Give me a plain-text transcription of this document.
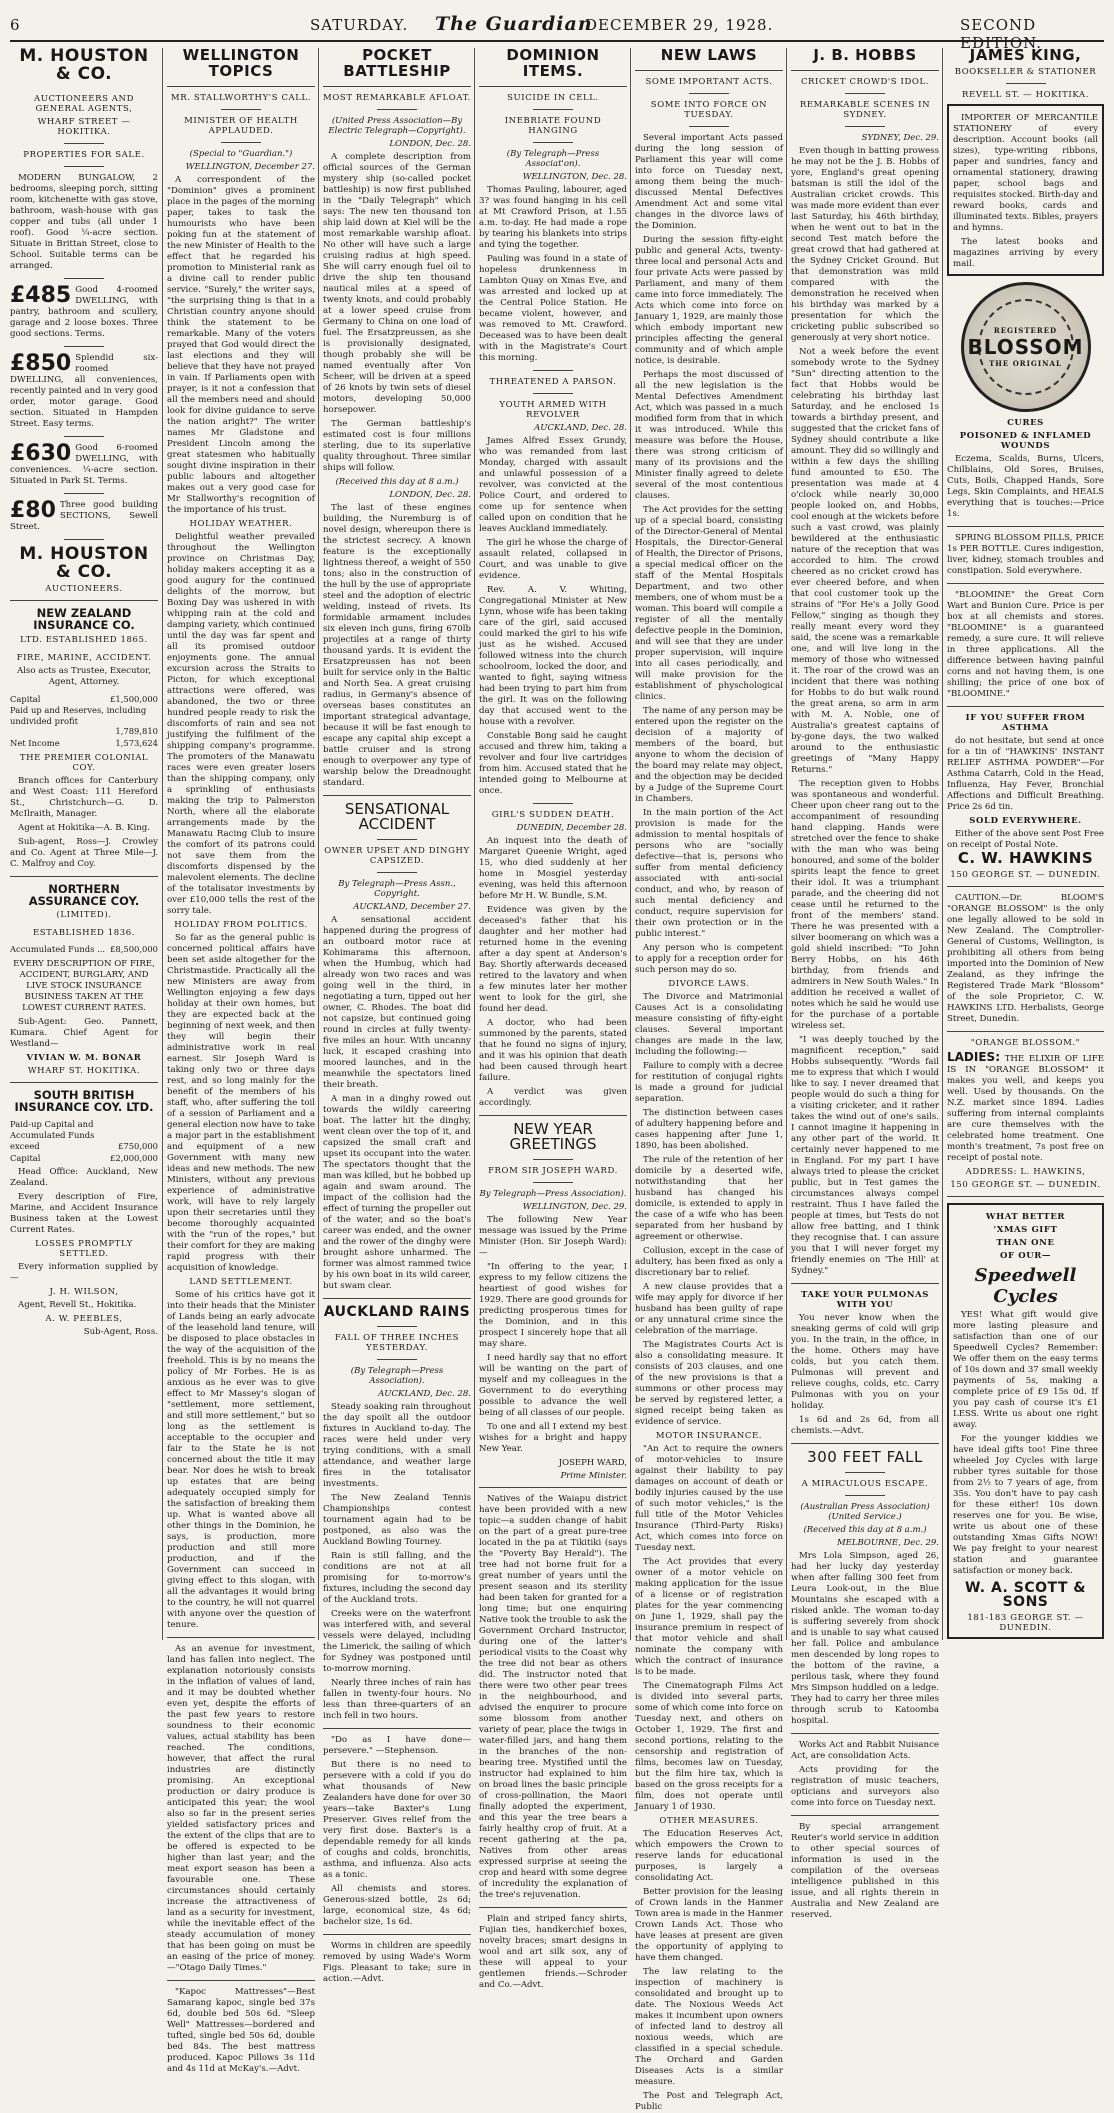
6	SATURDAY. The Guardian
DECEMBER 29, 1928.	SECOND EDITION.
M. HOUSTON & CO.
AUCTIONEERS AND GENERAL AGENTS,
WHARF STREET — HOKITIKA.
PROPERTIES FOR SALE.
MODERN BUNGALOW, 2 bedrooms, sleeping porch, sitting room, kitchenette with gas stove, bathroom, wash-house with gas copper and tubs (all under 1 roof). Good ¼-acre section. Situate in Brittan Street, close to School. Suitable terms can be arranged.
£485 Good 4-roomed DWELLING, with pantry, bathroom and scullery, garage and 2 loose boxes. Three good sections. Terms.
£850 Splendid six-roomed DWELLING, all conveniences, recently painted and in very good order, motor garage. Good section. Situated in Hampden Street. Easy terms.
£630 Good 6-roomed DWELLING, with conveniences. ¼-acre section. Situated in Park St. Terms.
£80 Three good building SECTIONS, Sewell Street.
M. HOUSTON & CO.
AUCTIONEERS.
NEW ZEALAND INSURANCE CO.
LTD. ESTABLISHED 1865.
FIRE, MARINE, ACCIDENT.
Also acts as Trustee, Executor, Agent, Attorney.
Capital	£1,500,000
Paid up and Reserves, including undivided profit
1,789,810
Net Income	1,573,624
THE PREMIER COLONIAL COY.
Branch offices for Canterbury and West Coast: 111 Hereford St., Christchurch—G. D. McIlraith, Manager.
Agent at Hokitika—A. B. King.
Sub-agent, Ross—J. Crowley and Co. Agent at Three Mile—J. C. Malfroy and Coy.
NORTHERN ASSURANCE COY.
(LIMITED).
ESTABLISHED 1836.
Accumulated Funds ... £8,500,000
EVERY DESCRIPTION OF FIRE, ACCIDENT, BURGLARY, AND LIVE STOCK INSURANCE BUSINESS TAKEN AT THE LOWEST CURRENT RATES.
Sub-Agent: Geo. Pannett, Kumara. Chief Agent for Westland—
VIVIAN W. M. BONAR
WHARF ST. HOKITIKA.
SOUTH BRITISH INSURANCE COY. LTD.
Paid-up Capital and Accumulated Funds exceed	£750,000
Capital	£2,000,000
Head Office: Auckland, New Zealand.
Every description of Fire, Marine, and Accident Insurance Business taken at the Lowest Current Rates.
LOSSES PROMPTLY SETTLED.
Every information supplied by—
J. H. WILSON,
Agent, Revell St., Hokitika.
A. W. PEEBLES,
Sub-Agent, Ross.
WELLINGTON TOPICS
MR. STALLWORTHY'S CALL.
MINISTER OF HEALTH APPLAUDED.
(Special to "Guardian.")
WELLINGTON, December 27.
A correspondent of the "Dominion" gives a prominent place in the pages of the morning paper, takes to task the humourists who have been poking fun at the statement of the new Minister of Health to the effect that he regarded his promotion to Ministerial rank as a divine call to render public service. "Surely," the writer says, "the surprising thing is that in a Christian country anyone should think the statement to be remarkable. Many of the voters prayed that God would direct the last elections and they will believe that they have not prayed in vain. If Parliaments open with prayer, is it not a confession that all the members need and should look for divine guidance to serve the nation aright?" The writer names Mr Gladstone and President Lincoln among the great statesmen who habitually sought divine inspiration in their public labours and altogether makes out a very good case for Mr Stallworthy's recognition of the importance of his trust.
HOLIDAY WEATHER.
Delightful weather prevailed throughout the Wellington province on Christmas Day, holiday makers accepting it as a good augury for the continued delights of the morrow, but Boxing Day was ushered in with whipping rain at the cold and damping variety, which continued until the day was far spent and all its promised outdoor enjoyments gone. The annual excursion across the Straits to Picton, for which exceptional attractions were offered, was abandoned, the two or three hundred people ready to risk the discomforts of rain and sea not justifying the fulfilment of the shipping company's programme. The promoters of the Manawatu races were even greater losers than the shipping company, only a sprinkling of enthusiasts making the trip to Palmerston North, where all the elaborate arrangements made by the Manawatu Racing Club to insure the comfort of its patrons could not save them from the discomforts dispensed by the malevolent elements. The decline of the totalisator investments by over £10,000 tells the rest of the sorry tale.
HOLIDAY FROM POLITICS.
So far as the general public is concerned political affairs have been set aside altogether for the Christmastide. Practically all the new Ministers are away from Wellington enjoying a few days holiday at their own homes, but they are expected back at the beginning of next week, and then they will begin their administrative work in real earnest. Sir Joseph Ward is taking only two or three days rest, and so long mainly for the benefit of the members of his staff, who, after suffering the toil of a session of Parliament and a general election now have to take a major part in the establishment and equipment of a new Government with many new ideas and new methods. The new Ministers, without any previous experience of administrative work, will have to rely largely upon their secretaries until they become thoroughly acquainted with the "run of the ropes," but their comfort for they are making rapid progress with their acquisition of knowledge.
LAND SETTLEMENT.
Some of his critics have got it into their heads that the Minister of Lands being an early advocate of the leasehold land tenure, will be disposed to place obstacles in the way of the acquisition of the freehold. This is by no means the policy of Mr Forbes. He is as anxious as he ever was to give effect to Mr Massey's slogan of "settlement, more settlement, and still more settlement," but so long as the settlement is acceptable to the occupier and fair to the State he is not concerned about the title it may bear. Nor does he wish to break up estates that are being adequately occupied simply for the satisfaction of breaking them up. What is wanted above all other things in the Dominion, he says, is production, more production and still more production, and if the Government can succeed in giving effect to this slogan, with all the advantages it would bring to the country, he will not quarrel with anyone over the question of tenure.
As an avenue for investment, land has fallen into neglect. The explanation notoriously consists in the inflation of values of land, and it may be doubted whether even yet, despite the efforts of the past few years to restore soundness to their economic values, actual stability has been reached. The conditions, however, that affect the rural industries are distinctly promising. An exceptional production or dairy produce is anticipated this year; the wool also so far in the present series yielded satisfactory prices and the extent of the clips that are to be offered is expected to be higher than last year; and the meat export season has been a favourable one. These circumstances should certainly increase the attractiveness of land as a security for investment, while the inevitable effect of the steady accumulation of money that has been going on must be an easing of the price of money.—"Otago Daily Times."
"Kapoc Mattresses"—Best Samarang kapoc, single bed 37s 6d, double bed 50s 6d. "Sleep Well" Mattresses—bordered and tufted, single bed 50s 6d, double bed 84s. The best mattress produced. Kapoc Pillows 3s 11d and 4s 11d at McKay's.—Advt.
POCKET BATTLESHIP
MOST REMARKABLE AFLOAT.
(United Press Association—By Electric Telegraph—Copyright).
LONDON, Dec. 28.
A complete description from official sources of the German mystery ship (so-called pocket battleship) is now first published in the "Daily Telegraph" which says: The new ten thousand ton ship laid down at Kiel will be the most remarkable warship afloat. No other will have such a large cruising radius at high speed. She will carry enough fuel oil to drive the ship ten thousand nautical miles at a speed of twenty knots, and could probably at a lower speed cruise from Germany to China on one load of fuel. The Ersatzpreussen, as she is provisionally designated, though probably she will be named eventually after Von Scheer, will be driven at a speed of 26 knots by twin sets of diesel motors, developing 50,000 horsepower.
The German battleship's estimated cost is four millions sterling, due to its superlative quality throughout. Three similar ships will follow.
(Received this day at 8 a.m.)
LONDON, Dec. 28.
The last of these engines building, the Nuremburg is of novel design, whereupon there is the strictest secrecy. A known feature is the exceptionally lightness thereof, a weight of 550 tons; also in the construction of the hull by the use of appropriate steel and the adoption of electric welding, instead of rivets. Its formidable armament includes six eleven inch guns, firing 670lb projectiles at a range of thirty thousand yards. It is evident the Ersatzpreussen has not been built for service only in the Baltic and North Sea. A great cruising radius, in Germany's absence of overseas bases constitutes an important strategical advantage, because it will be fast enough to escape any capital ship except a battle cruiser and is strong enough to overpower any type of warship below the Dreadnought standard.
SENSATIONAL
ACCIDENT
OWNER UPSET AND DINGHY CAPSIZED.
By Telegraph—Press Assn., Copyright.
AUCKLAND, December 27.
A sensational accident happened during the progress of an outboard motor race at Kohimarama this afternoon, when the Humbug, which had already won two races and was going well in the third, in negotiating a turn, tipped out her owner, C. Rhodes. The boat did not capsize, but continued going round in circles at fully twenty-five miles an hour. With uncanny luck, it escaped crashing into moored launches, and in the meanwhile the spectators lined their breath.
A man in a dinghy rowed out towards the wildly careering boat. The latter hit the dinghy, went clean over the top of it, and capsized the small craft and upset its occupant into the water. The spectators thought that the man was killed, but he bobbed up again and swam around. The impact of the collision had the effect of turning the propeller out of the water, and so the boat's career was ended, and the owner and the rower of the dinghy were brought ashore unharmed. The former was almost rammed twice by his own boat in its wild career, but swam clear.
AUCKLAND RAINS
FALL OF THREE INCHES YESTERDAY.
(By Telegraph—Press Association).
AUCKLAND, Dec. 28.
Steady soaking rain throughout the day spoilt all the outdoor fixtures in Auckland to-day. The races were held under very trying conditions, with a small attendance, and weather large fires in the totalisator investments.
The New Zealand Tennis Championships contest tournament again had to be postponed, as also was the Auckland Bowling Tourney.
Rain is still falling, and the conditions are not at all promising for to-morrow's fixtures, including the second day of the Auckland trots.
Creeks were on the waterfront was interfered with, and several vessels were delayed, including the Limerick, the sailing of which for Sydney was postponed until to-morrow morning.
Nearly three inches of rain has fallen in twenty-four hours. No less than three-quarters of an inch fell in two hours.
"Do as I have done—persevere." —Stephenson.
But there is no need to persevere with a cold if you do what thousands of New Zealanders have done for over 30 years—take Baxter's Lung Preserver. Gives relief from the very first dose. Baxter's is a dependable remedy for all kinds of coughs and colds, bronchitis, asthma, and influenza. Also acts as a tonic.
All chemists and stores. Generous-sized bottle, 2s 6d; large, economical size, 4s 6d; bachelor size, 1s 6d.
Worms in children are speedily removed by using Wade's Worm Figs. Pleasant to take; sure in action.—Advt.
DOMINION ITEMS.
SUICIDE IN CELL.
INEBRIATE FOUND HANGING
(By Telegraph—Press Associat'on).
WELLINGTON, Dec. 28.
Thomas Pauling, labourer, aged 3? was found hanging in his cell at Mt Crawford Prison, at 1.55 a.m. to-day. He had made a rope by tearing his blankets into strips and tying the together.
Pauling was found in a state of hopeless drunkenness in Lambton Quay on Xmas Eve, and was arrested and locked up at the Central Police Station. He became violent, however, and was removed to Mt. Crawford. Deceased was to have been dealt with in the Magistrate's Court this morning.
THREATENED A PARSON.
YOUTH ARMED WITH REVOLVER
AUCKLAND, Dec. 28.
James Alfred Essex Grundy, who was remanded from last Monday, charged with assault and unlawful possession of a revolver, was convicted at the Police Court, and ordered to come up for sentence when called upon on condition that he leaves Auckland immediately.
The girl he whose the charge of assault related, collapsed in Court, and was unable to give evidence.
Rev. A. V. Whiting, Congregational Minister at New Lynn, whose wife has been taking care of the girl, said accused could marked the girl to his wife just as he wished. Accused followed witness into the church schoolroom, locked the door, and wanted to fight, saying witness had been trying to part him from the girl. It was on the following day that accused went to the house with a revolver.
Constable Bong said he caught accused and threw him, taking a revolver and four live cartridges from him. Accused stated that he intended going to Melbourne at once.
GIRL'S SUDDEN DEATH.
DUNEDIN, December 28.
An inquest into the death of Margaret Queenie Wright, aged 15, who died suddenly at her home in Mosgiel yesterday evening, was held this afternoon before Mr H. W. Bundle, S.M.
Evidence was given by the deceased's father that his daughter and her mother had returned home in the evening after a day spent at Anderson's Bay. Shortly afterwards deceased retired to the lavatory and when a few minutes later her mother went to look for the girl, she found her dead.
A doctor, who had been summoned by the parents, stated that he found no signs of injury, and it was his opinion that death had been caused through heart failure.
A verdict was given accordingly.
NEW YEAR
GREETINGS
FROM SIR JOSEPH WARD.
By Telegraph—Press Association).
WELLINGTON, Dec. 29.
The following New Year message was issued by the Prime Minister (Hon. Sir Joseph Ward):—
"In offering to the year, I express to my fellow citizens the heartiest of good wishes for 1929. There are good grounds for predicting prosperous times for the Dominion, and in this prospect I sincerely hope that all may share.
I need hardly say that no effort will be wanting on the part of myself and my colleagues in the Government to do everything possible to advance the well being of all classes of our people.
To one and all I extend my best wishes for a bright and happy New Year.
JOSEPH WARD,
Prime Minister.
Natives of the Waiapu district have been provided with a new topic—a sudden change of habit on the part of a great pure-tree located in the pa at Tikitiki (says the "Poverty Bay Herald"). The tree had not borne fruit for a great number of years until the present season and its sterility had been taken for granted for a long time; but one enquiring Native took the trouble to ask the Government Orchard Instructor, during one of the latter's periodical visits to the Coast why the tree did not bear as others did. The instructor noted that there were two other pear trees in the neighbourhood, and advised the enquirer to procure some blossom from another variety of pear, place the twigs in water-filled jars, and hang them in the branches of the non-bearing tree. Mystified until the instructor had explained to him on broad lines the basic principle of cross-pollination, the Maori finally adopted the experiment, and this year the tree bears a fairly healthy crop of fruit. At a recent gathering at the pa, Natives from other areas expressed surprise at seeing the crop and heard with some degree of incredulity the explanation of the tree's rejuvenation.
Plain and striped fancy shirts, Fujian ties, handkerchief boxes, novelty braces; smart designs in wool and art silk sox, any of these will appeal to your gentlemen friends.—Schroder and Co.—Advt.
NEW LAWS
SOME IMPORTANT ACTS.
SOME INTO FORCE ON TUESDAY.
Several important Acts passed during the long session of Parliament this year will come into force on Tuesday next, among them being the much-discussed Mental Defectives Amendment Act and some vital changes in the divorce laws of the Dominion.
During the session fifty-eight public and general Acts, twenty-three local and personal Acts and four private Acts were passed by Parliament, and many of them came into force immediately. The Acts which come into force on January 1, 1929, are mainly those which embody important new principles affecting the general community and of which ample notice, is desirable.
Perhaps the most discussed of all the new legislation is the Mental Defectives Amendment Act, which was passed in a much modified form from that in which it was introduced. While this measure was before the House, there was strong criticism of many of its provisions and the Minister finally agreed to delete several of the most contentious clauses.
The Act provides for the setting up of a special board, consisting of the Director-General of Mental Hospitals, the Director-General of Health, the Director of Prisons, a special medical officer on the staff of the Mental Hospitals Department, and two other members, one of whom must be a woman. This board will compile a register of all the mentally defective people in the Dominion, and will see that they are under proper supervision, will inquire into all cases periodically, and will make provision for the establishment of physchological clinics.
The name of any person may be entered upon the register on the decision of a majority of members of the board, but anyone to whom the decision of the board may relate may object, and the objection may be decided by a Judge of the Supreme Court in Chambers.
In the main portion of the Act provision is made for the admission to mental hospitals of persons who are "socially defective—that is, persons who suffer from mental deficiency associated with anti-social conduct, and who, by reason of such mental deficiency and conduct, require supervision for their own protection or in the public interest."
Any person who is competent to apply for a reception order for such person may do so.
DIVORCE LAWS.
The Divorce and Matrimonial Causes Act is a consolidating measure consisting of fifty-eight clauses. Several important changes are made in the law, including the following:—
Failure to comply with a decree for restitution of conjugal rights is made a ground for judicial separation.
The distinction between cases of adultery happening before and cases happening after June 1, 1890, has been abolished.
The rule of the retention of her domicile by a deserted wife, notwithstanding that her husband has changed his domicile, is extended to apply in the case of a wife who has been separated from her husband by agreement or otherwise.
Collusion, except in the case of adultery, has been fixed as only a discretionary bar to relief.
A new clause provides that a wife may apply for divorce if her husband has been guilty of rape or any unnatural crime since the celebration of the marriage.
The Magistrates Courts Act is also a consolidating measure. It consists of 203 clauses, and one of the new provisions is that a summons or other process may be served by registered letter, a signed receipt being taken as evidence of service.
MOTOR INSURANCE.
"An Act to require the owners of motor-vehicles to insure against their liability to pay damages on account of death or bodily injuries caused by the use of such motor vehicles," is the full title of the Motor Vehicles Insurance (Third-Party Risks) Act, which comes into force on Tuesday next.
The Act provides that every owner of a motor vehicle on making application for the issue of a license or of registration plates for the year commencing on June 1, 1929, shall pay the insurance premium in respect of that motor vehicle and shall nominate the company with which the contract of insurance is to be made.
The Cinematograph Films Act is divided into several parts, some of which come into force on Tuesday next, and others on October 1, 1929. The first and second portions, relating to the censorship and registration of films, becomes law on Tuesday, but the film hire tax, which is based on the gross receipts for a film, does not operate until January 1 of 1930.
OTHER MEASURES.
The Education Reserves Act, which empowers the Crown to reserve lands for educational purposes, is largely a consolidating Act.
Better provision for the leasing of Crown lands in the Hanmer Town area is made in the Hanmer Crown Lands Act. Those who have leases at present are given the opportunity of applying to have them changed.
The law relating to the inspection of machinery is consolidated and brought up to date. The Noxious Weeds Act makes it incumbent upon owners of infected land to destroy all noxious weeds, which are classified in a special schedule. The Orchard and Garden Diseases Acts is a similar measure.
The Post and Telegraph Act, Public
J. B. HOBBS
CRICKET CROWD'S IDOL.
REMARKABLE SCENES IN SYDNEY.
SYDNEY, Dec. 29.
Even though in batting prowess he may not be the J. B. Hobbs of yore, England's great opening batsman is still the idol of the Australian cricket crowds. This was made more evident than ever last Saturday, his 46th birthday, when he went out to bat in the second Test match before the great crowd that had gathered at the Sydney Cricket Ground. But that demonstration was mild compared with the demonstration he received when his birthday was marked by a presentation for which the cricketing public subscribed so generously at very short notice.
Not a week before the event somebody wrote to the Sydney "Sun" directing attention to the fact that Hobbs would be celebrating his birthday last Saturday, and he enclosed 1s towards a birthday present, and suggested that the cricket fans of Sydney should contribute a like amount. They did so willingly and within a few days the shilling fund amounted to £50. The presentation was made at 4 o'clock while nearly 30,000 people looked on, and Hobbs, cool enough at the wickets before such a vast crowd, was plainly bewildered at the enthusiastic nature of the reception that was accorded to him. The crowd cheered as no cricket crowd has ever cheered before, and when that cool customer took up the strains of "For He's a Jolly Good Fellow," singing as though they really meant every word they said, the scene was a remarkable one, and will live long in the memory of those who witnessed it. The roar of the crowd was an incident that there was nothing for Hobbs to do but walk round the great arena, so arm in arm with M. A. Noble, one of Australia's greatest captains of by-gone days, the two walked around to the enthusiastic greetings of "Many Happy Returns."
The reception given to Hobbs was spontaneous and wonderful. Cheer upon cheer rang out to the accompaniment of resounding hand clapping. Hands were stretched over the fence to shake with the man who was being honoured, and some of the bolder spirits leapt the fence to greet their idol. It was a triumphant parade, and the cheering did not cease until he returned to the front of the members' stand. There he was presented with a silver boomerang on which was a gold shield inscribed: "To John Berry Hobbs, on his 46th birthday, from friends and admirers in New South Wales." In addition he received a wallet of notes which he said he would use for the purchase of a portable wireless set.
"I was deeply touched by the magnificent reception," said Hobbs subsequently. "Words fail me to express that which I would like to say. I never dreamed that people would do such a thing for a visiting cricketer, and it rather takes the wind out of one's sails. I cannot imagine it happening in any other part of the world. It certainly never happened to me in England. For my part I have always tried to please the cricket public, but in Test games the circumstances always compel restraint. Thus I have failed the people at times, but Tests do not allow free batting, and I think they recognise that. I can assure you that I will never forget my friendly enemies on 'The Hill' at Sydney."
TAKE YOUR PULMONAS WITH YOU
You never know when the sneaking germs of cold will grip you. In the train, in the office, in the home. Others may have colds, but you catch them. Pulmonas will prevent and relieve coughs, colds, etc. Carry Pulmonas with you on your holiday.
1s 6d and 2s 6d, from all chemists.—Advt.
300 FEET FALL
A MIRACULOUS ESCAPE.
(Australian Press Association) (United Service.)
(Received this day at 8 a.m.)
MELBOURNE, Dec. 29.
Mrs Lola Simpson, aged 26, had her lucky day yesterday when after falling 300 feet from Leura Look-out, in the Blue Mountains she escaped with a risked ankle. The woman to-day is suffering severely from shock and is unable to say what caused her fall. Police and ambulance men descended by long ropes to the bottom of the ravine, a perilous task, where they found Mrs Simpson huddled on a ledge. They had to carry her three miles through scrub to Katoomba hospital.
Works Act and Rabbit Nuisance Act, are consolidation Acts.
Acts providing for the registration of music teachers, opticians and surveyors also come into force on Tuesday next.
By special arrangement Reuter's world service in addition to other special sources of information is used in the compilation of the overseas intelligence published in this issue, and all rights therein in Australia and New Zealand are reserved.
JAMES KING,
BOOKSELLER & STATIONER
REVELL ST. — HOKITIKA.
IMPORTER OF MERCANTILE STATIONERY of every description. Account books (all sizes), type-writing ribbons, paper and sundries, fancy and ornamental stationery, drawing paper, school bags and requisites stocked. Birth-day and reward books, cards and illuminated texts. Bibles, prayers and hymns.
The latest books and magazines arriving by every mail.
REGISTERED
BLOSSOM
THE ORIGINAL
CURES
POISONED & INFLAMED WOUNDS
Eczema, Scalds, Burns, Ulcers, Chilblains, Old Sores, Bruises, Cuts, Boils, Chapped Hands, Sore Legs, Skin Complaints, and HEALS everything that is touches:—Price 1s.
SPRING BLOSSOM PILLS, PRICE 1s PER BOTTLE. Cures indigestion, liver, kidney, stomach troubles and constipation. Sold everywhere.
"BLOOMINE" the Great Corn Wart and Bunion Cure. Price is per box at all chemists and stores. "BLOOMINE" is a guaranteed remedy, a sure cure. It will relieve in three applications. All the difference between having painful corns and not having them, is one shilling; the price of one box of "BLOOMINE."
IF YOU SUFFER FROM ASTHMA
do not hesitate, but send at once for a tin of "HAWKINS' INSTANT RELIEF ASTHMA POWDER"—For Asthma Catarrh, Cold in the Head, Influenza, Hay Fever, Bronchial Affections and Difficult Breathing. Price 2s 6d tin.
SOLD EVERYWHERE.
Either of the above sent Post Free on receipt of Postal Note.
C. W. HAWKINS
150 GEORGE ST. — DUNEDIN.
CAUTION.—Dr. BLOOM'S "ORANGE BLOSSOM" is the only one legally allowed to be sold in New Zealand. The Comptroller-General of Customs, Wellington, is prohibiting all others from being imported into the Dominion of New Zealand, as they infringe the Registered Trade Mark "Blossom" of the sole Proprietor, C. W. HAWKINS LTD. Herbalists, George Street, Dunedin.
"ORANGE BLOSSOM."
LADIES: THE ELIXIR OF LIFE IS IN "ORANGE BLOSSOM" it makes you well, and keeps you well. Used by thousands. On the N.Z. market since 1894. Ladies suffering from internal complaints are cure themselves with the celebrated home treatment. One month's treatment, 7s post free on receipt of postal note.
ADDRESS: L. HAWKINS,
150 GEORGE ST. — DUNEDIN.
WHAT BETTER
'XMAS GIFT
THAN ONE
OF OUR—
Speedwell Cycles
YES! What gift would give more lasting pleasure and satisfaction than one of our Speedwell Cycles? Remember: We offer them on the easy terms of 10s down and 37 small weekly payments of 5s, making a complete price of £9 15s 0d. If you pay cash of course it's £1 LESS. Write us about one right away.
For the younger kiddies we have ideal gifts too! Fine three wheeled Joy Cycles with large rubber tyres suitable for those from 2½ to 7 years of age, from 35s. You don't have to pay cash for these either! 10s down reserves one for you. Be wise, write us about one of these outstanding Xmas Gifts NOW! We pay freight to your nearest station and guarantee satisfaction or money back.
W. A. SCOTT & SONS
181-183 GEORGE ST. — DUNEDIN.
